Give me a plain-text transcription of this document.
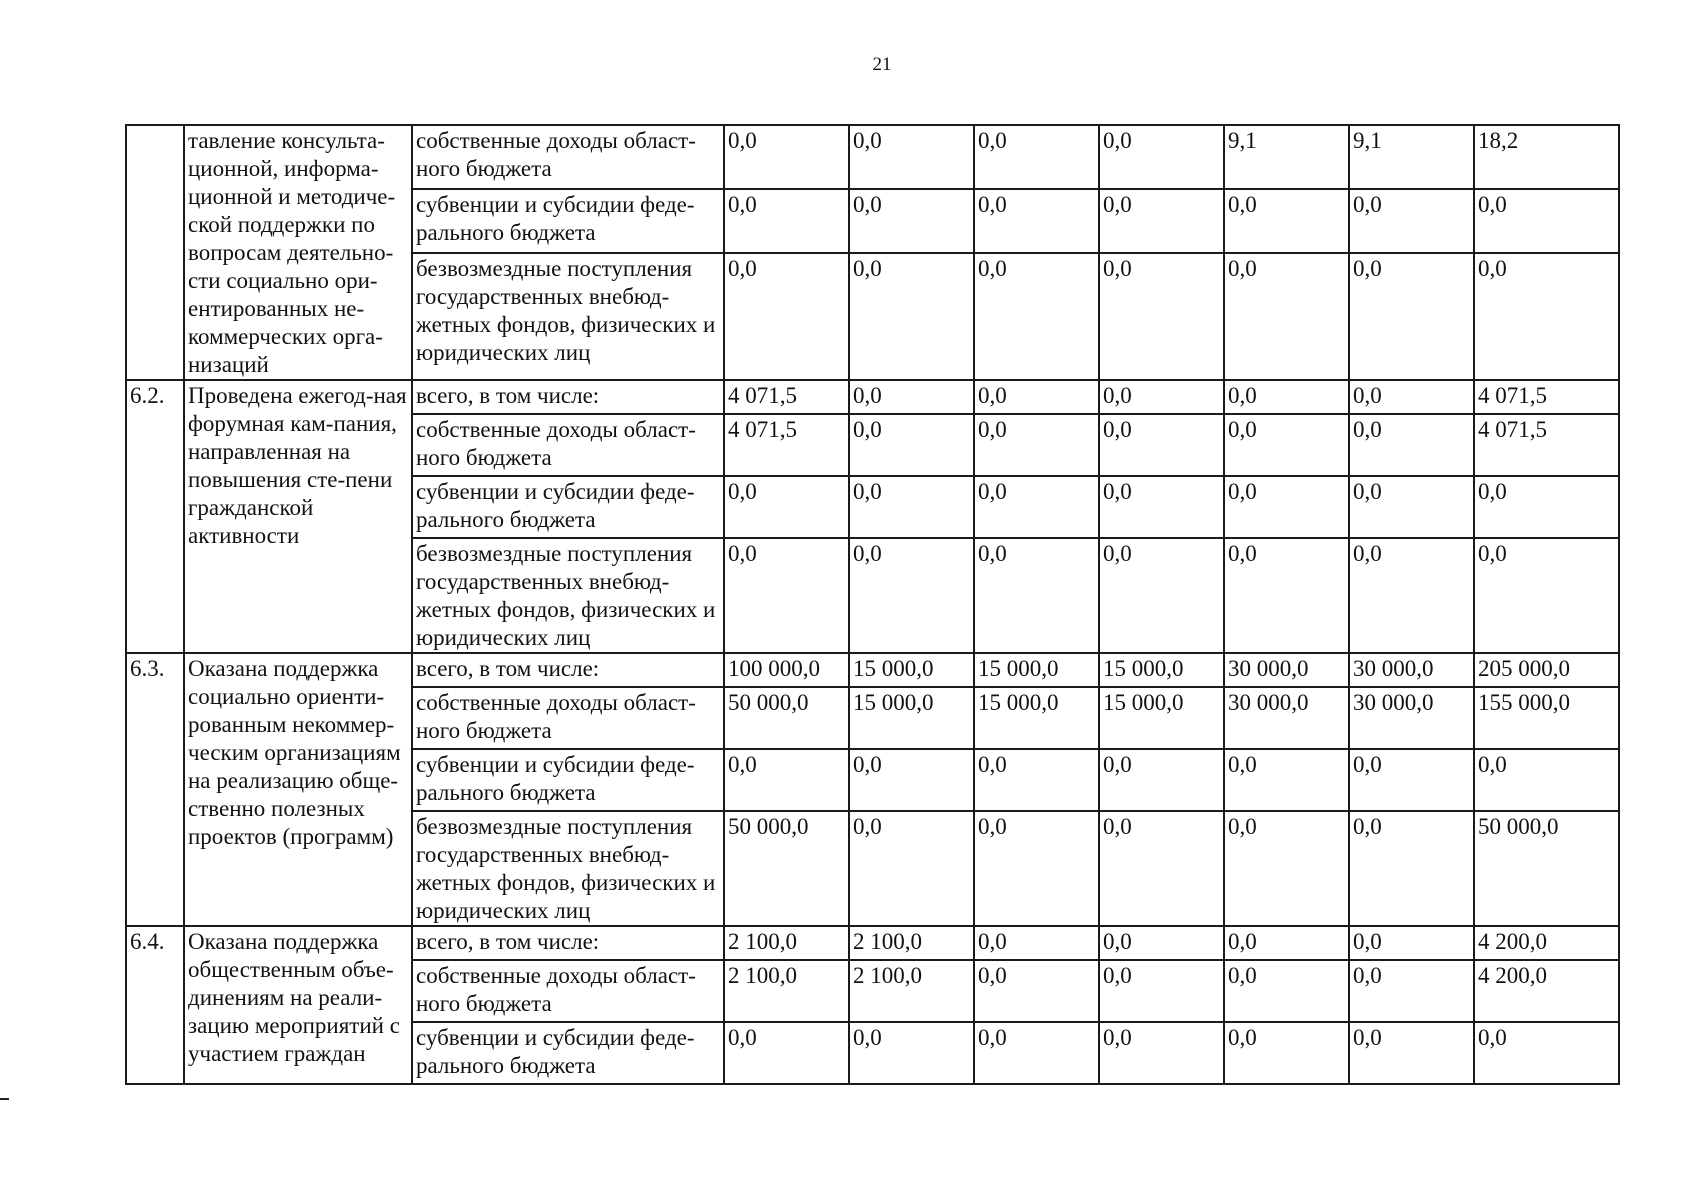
21
	тавление консульта-ционной, информа-ционной и методиче-ской поддержки по вопросам деятельно-сти социально ори-ентированных не-коммерческих орга-низаций	собственные доходы област-ного бюджета	0,0	0,0	0,0	0,0	9,1	9,1	18,2
		субвенции и субсидии феде-рального бюджета	0,0	0,0	0,0	0,0	0,0	0,0	0,0
		безвозмездные поступления государственных внебюд-жетных фондов, физических и юридических лиц	0,0	0,0	0,0	0,0	0,0	0,0	0,0
6.2.	Проведена ежегод-ная форумная кам-пания, направленная на повышения сте-пени гражданской активности	всего, в том числе:	4 071,5	0,0	0,0	0,0	0,0	0,0	4 071,5
		собственные доходы област-ного бюджета	4 071,5	0,0	0,0	0,0	0,0	0,0	4 071,5
		субвенции и субсидии феде-рального бюджета	0,0	0,0	0,0	0,0	0,0	0,0	0,0
		безвозмездные поступления государственных внебюд-жетных фондов, физических и юридических лиц	0,0	0,0	0,0	0,0	0,0	0,0	0,0
6.3.	Оказана поддержка социально ориенти-рованным некоммер-ческим организациям на реализацию обще-ственно полезных проектов (программ)	всего, в том числе:	100 000,0	15 000,0	15 000,0	15 000,0	30 000,0	30 000,0	205 000,0
		собственные доходы област-ного бюджета	50 000,0	15 000,0	15 000,0	15 000,0	30 000,0	30 000,0	155 000,0
		субвенции и субсидии феде-рального бюджета	0,0	0,0	0,0	0,0	0,0	0,0	0,0
		безвозмездные поступления государственных внебюд-жетных фондов, физических и юридических лиц	50 000,0	0,0	0,0	0,0	0,0	0,0	50 000,0
6.4.	Оказана поддержка общественным объе-динениям на реали-зацию мероприятий с участием граждан	всего, в том числе:	2 100,0	2 100,0	0,0	0,0	0,0	0,0	4 200,0
		собственные доходы област-ного бюджета	2 100,0	2 100,0	0,0	0,0	0,0	0,0	4 200,0
		субвенции и субсидии феде-рального бюджета	0,0	0,0	0,0	0,0	0,0	0,0	0,0
